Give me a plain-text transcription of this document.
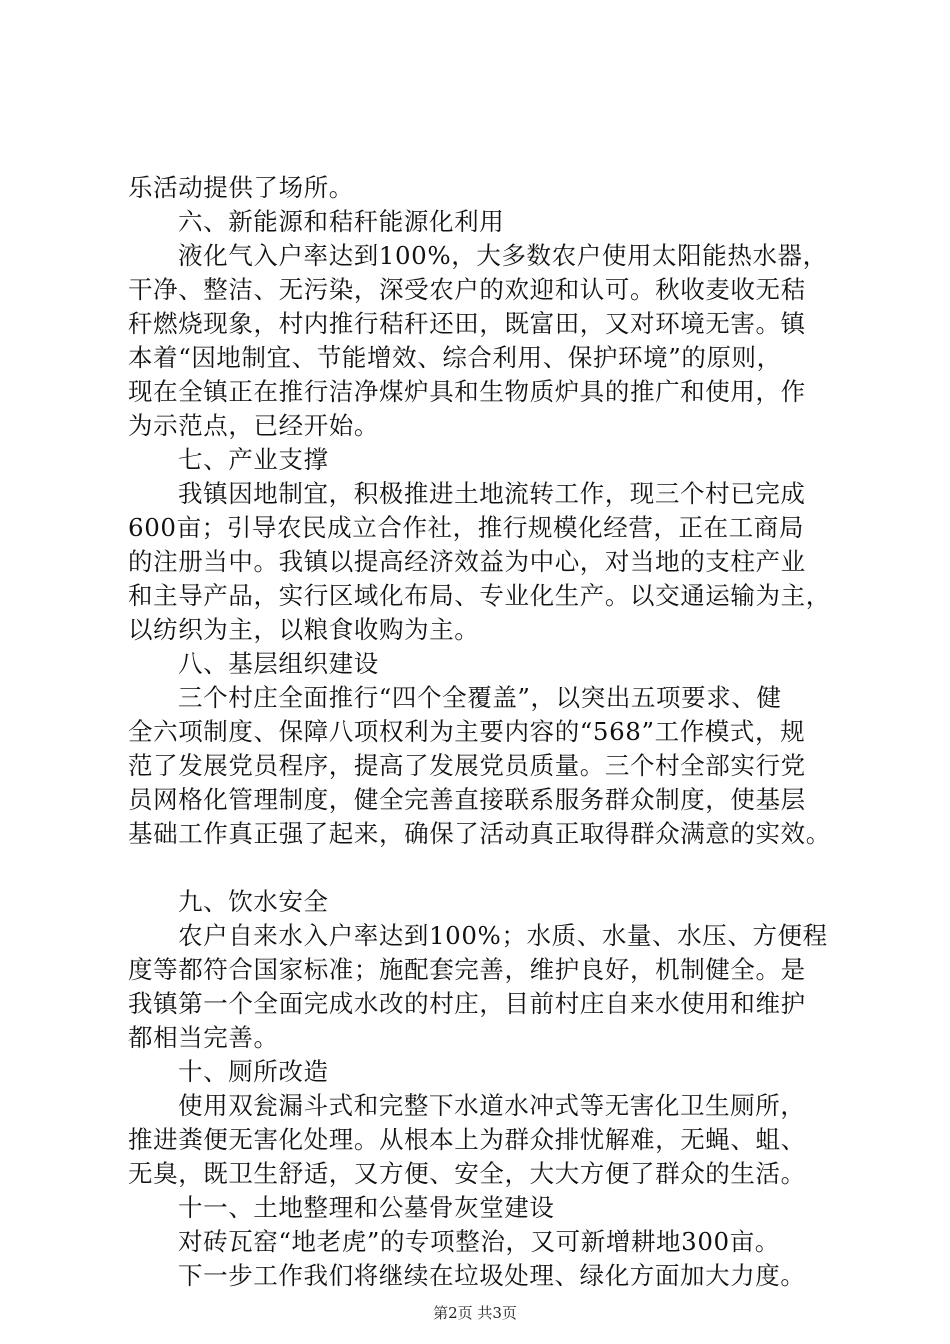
乐活动提供了场所。
六、新能源和秸秆能源化利用
液化气入户率达到100%，大多数农户使用太阳能热水器，
干净、整洁、无污染，深受农户的欢迎和认可。秋收麦收无秸
秆燃烧现象，村内推行秸秆还田，既富田，又对环境无害。镇
本着“因地制宜、节能增效、综合利用、保护环境”的原则，
现在全镇正在推行洁净煤炉具和生物质炉具的推广和使用，作
为示范点，已经开始。
七、产业支撑
我镇因地制宜，积极推进土地流转工作，现三个村已完成
600亩；引导农民成立合作社，推行规模化经营，正在工商局
的注册当中。我镇以提高经济效益为中心，对当地的支柱产业
和主导产品，实行区域化布局、专业化生产。以交通运输为主，
以纺织为主，以粮食收购为主。
八、基层组织建设
三个村庄全面推行“四个全覆盖”，以突出五项要求、健
全六项制度、保障八项权利为主要内容的“568”工作模式，规
范了发展党员程序，提高了发展党员质量。三个村全部实行党
员网格化管理制度，健全完善直接联系服务群众制度，使基层
基础工作真正强了起来，确保了活动真正取得群众满意的实效。
九、饮水安全
农户自来水入户率达到100%；水质、水量、水压、方便程
度等都符合国家标准；施配套完善，维护良好，机制健全。是
我镇第一个全面完成水改的村庄，目前村庄自来水使用和维护
都相当完善。
十、厕所改造
使用双瓮漏斗式和完整下水道水冲式等无害化卫生厕所，
推进粪便无害化处理。从根本上为群众排忧解难，无蝇、蛆、
无臭，既卫生舒适，又方便、安全，大大方便了群众的生活。
十一、土地整理和公墓骨灰堂建设
对砖瓦窑“地老虎”的专项整治，又可新增耕地300亩。
下一步工作我们将继续在垃圾处理、绿化方面加大力度。
第2页 共3页
